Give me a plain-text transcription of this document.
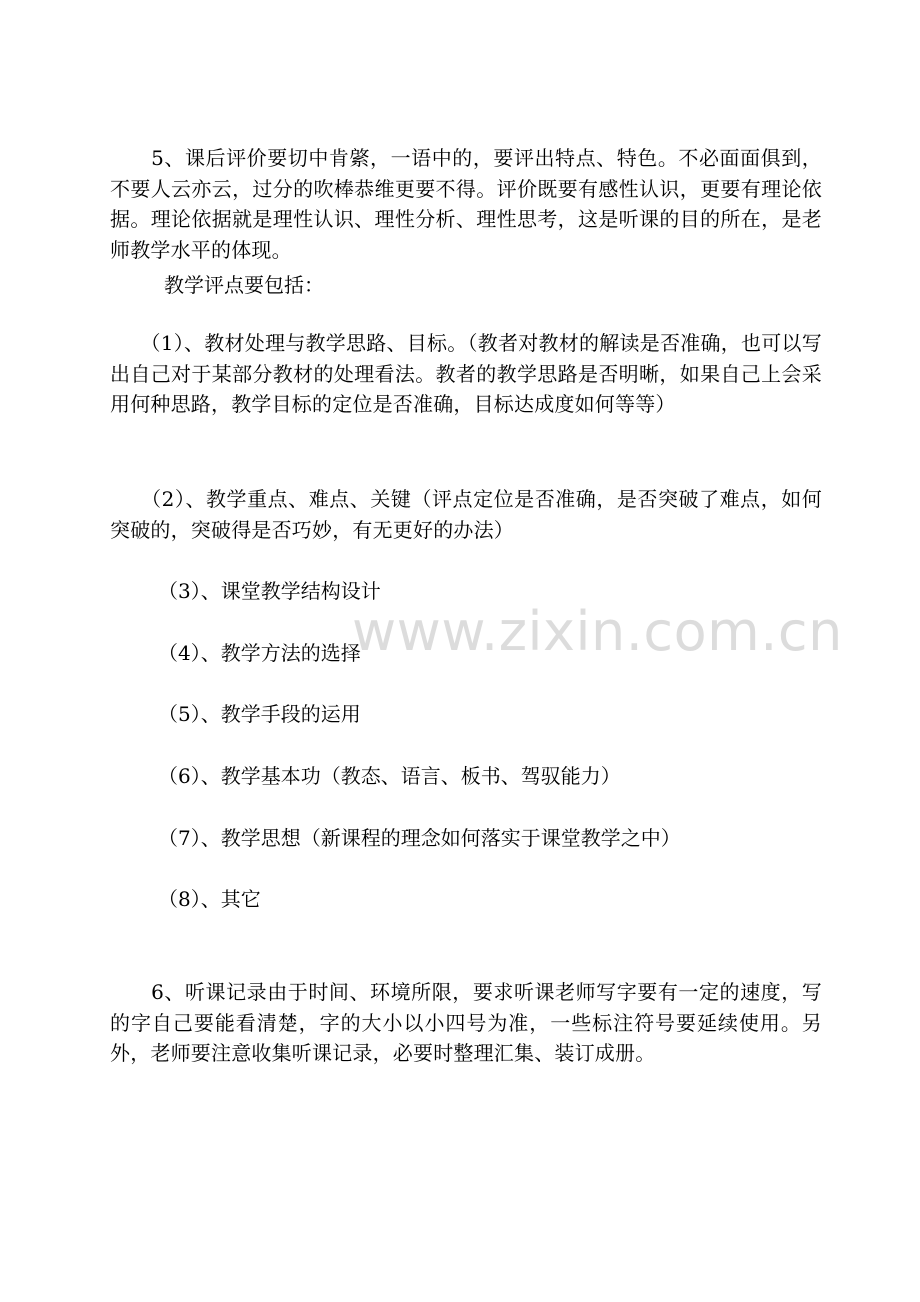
　　5、课后评价要切中肯綮，一语中的，要评出特点、特色。不必面面俱到，不要人云亦云，过分的吹棒恭维更要不得。评价既要有感性认识，更要有理论依据。理论依据就是理性认识、理性分析、理性思考，这是听课的目的所在，是老师教学水平的体现。

教学评点要包括：

　　（1）、教材处理与教学思路、目标。（教者对教材的解读是否准确，也可以写出自己对于某部分教材的处理看法。教者的教学思路是否明晰，如果自己上会采用何种思路，教学目标的定位是否准确，目标达成度如何等等）

　　（2）、教学重点、难点、关键（评点定位是否准确，是否突破了难点，如何突破的，突破得是否巧妙，有无更好的办法）

（3）、课堂教学结构设计

（4）、教学方法的选择

（5）、教学手段的运用

（6）、教学基本功（教态、语言、板书、驾驭能力）

（7）、教学思想（新课程的理念如何落实于课堂教学之中）

（8）、其它

　　6、听课记录由于时间、环境所限，要求听课老师写字要有一定的速度，写的字自己要能看清楚，字的大小以小四号为准，一些标注符号要延续使用。另外，老师要注意收集听课记录，必要时整理汇集、装订成册。

www.zixin.com.cn
